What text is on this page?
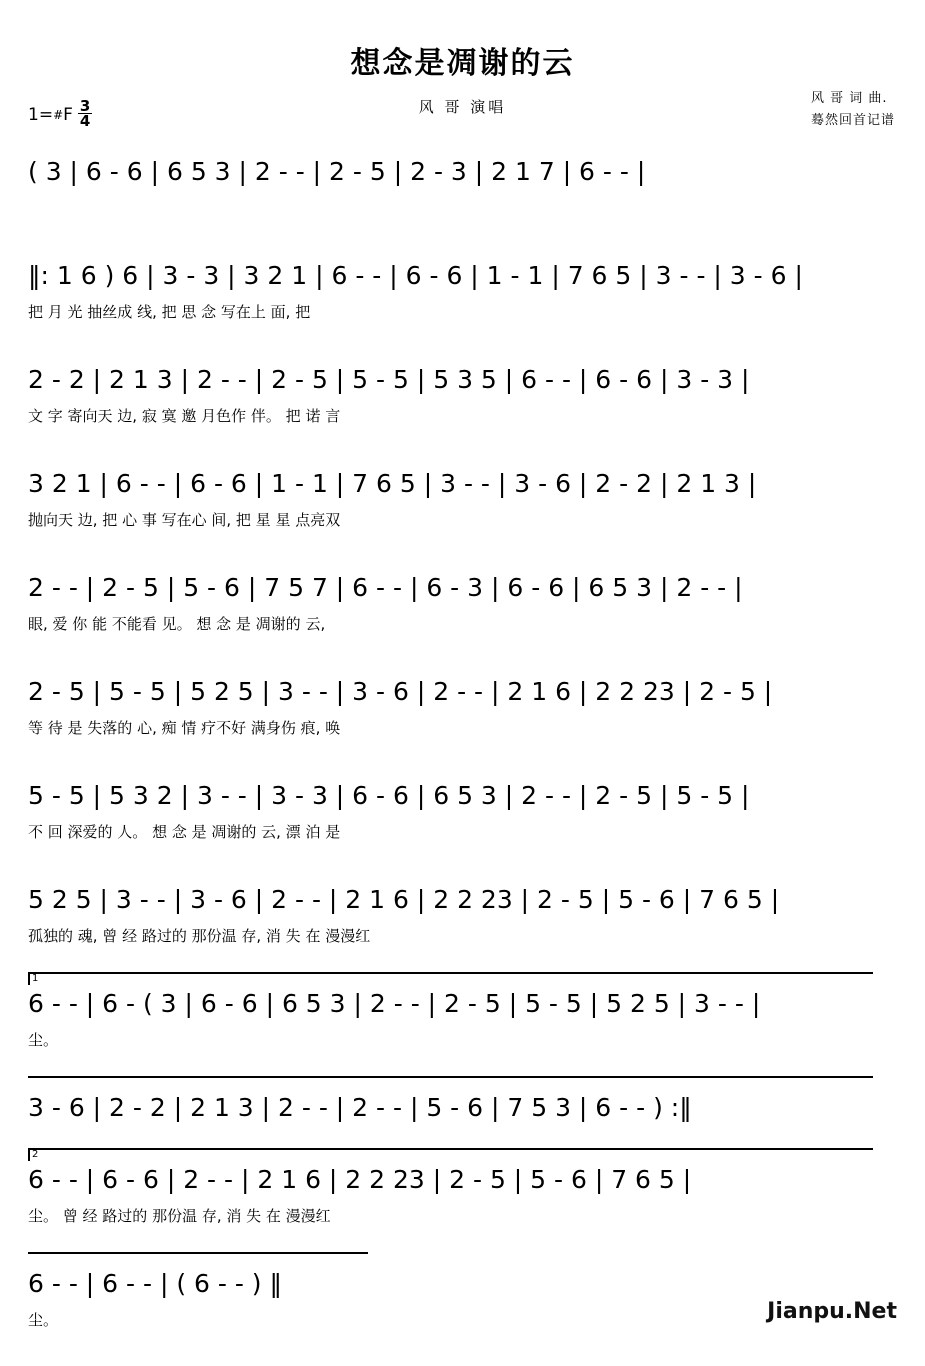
想念是凋谢的云
风 哥 演唱
1= # F $\frac{3}{4}$
风 哥 词 曲.
蓦然回首记谱
( 3 | 6 - 6 | 6 5 3 | 2 - - | 2 - 5 | 2 - 3 | 2 1 7 | 6 - - |
‖: 1 6 ) 6 | 3 - 3 | 3 2 1 | 6 - - | 6 - 6 | 1 - 1 | 7 6 5 | 3 - - | 3 - 6 |
把 月 光 抽丝成 线, 把 思 念 写在上 面, 把
2 - 2 | 2 1 3 | 2 - - | 2 - 5 | 5 - 5 | 5 3 5 | 6 - - | 6 - 6 | 3 - 3 |
文 字 寄向天 边, 寂 寞 邀 月色作 伴。 把 诺 言
3 2 1 | 6 - - | 6 - 6 | 1 - 1 | 7 6 5 | 3 - - | 3 - 6 | 2 - 2 | 2 1 3 |
抛向天 边, 把 心 事 写在心 间, 把 星 星 点亮双
2 - - | 2 - 5 | 5 - 6 | 7 5 7 | 6 - - | 6 - 3 | 6 - 6 | 6 5 3 | 2 - - |
眼, 爱 你 能 不能看 见。 想 念 是 凋谢的 云,
2 - 5 | 5 - 5 | 5 2 5 | 3 - - | 3 - 6 | 2 - - | 2 1 6 | 2 2 23 | 2 - 5 |
等 待 是 失落的 心, 痴 情 疗不好 满身伤 痕, 唤
5 - 5 | 5 3 2 | 3 - - | 3 - 3 | 6 - 6 | 6 5 3 | 2 - - | 2 - 5 | 5 - 5 |
不 回 深爱的 人。 想 念 是 凋谢的 云, 漂 泊 是
5 2 5 | 3 - - | 3 - 6 | 2 - - | 2 1 6 | 2 2 23 | 2 - 5 | 5 - 6 | 7 6 5 |
孤独的 魂, 曾 经 路过的 那份温 存, 消 失 在 漫漫红
1
6 - - | 6 - ( 3 | 6 - 6 | 6 5 3 | 2 - - | 2 - 5 | 5 - 5 | 5 2 5 | 3 - - |
尘。
3 - 6 | 2 - 2 | 2 1 3 | 2 - - | 2 - - | 5 - 6 | 7 5 3 | 6 - - ) :‖
2
6 - - | 6 - 6 | 2 - - | 2 1 6 | 2 2 23 | 2 - 5 | 5 - 6 | 7 6 5 |
尘。 曾 经 路过的 那份温 存, 消 失 在 漫漫红
6 - - | 6 - - | ( 6 - - ) ‖
尘。	Jianpu.Net
